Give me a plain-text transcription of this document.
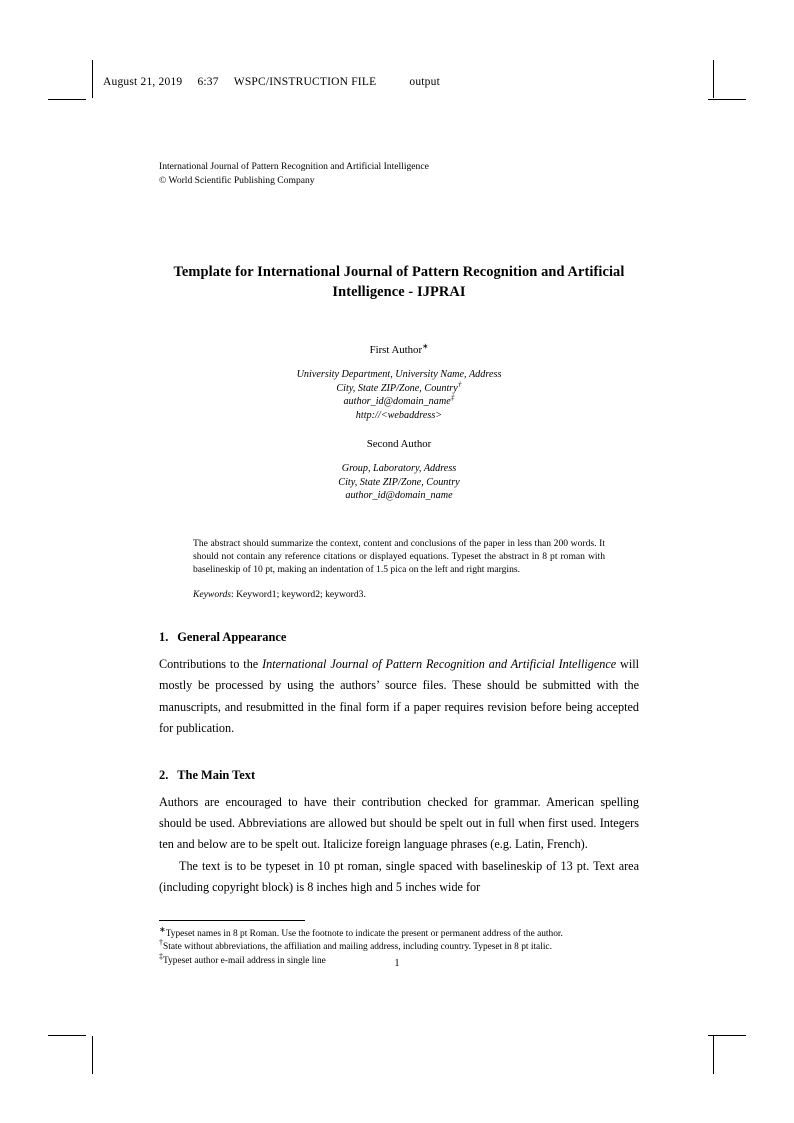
August 21, 2019 6:37 WSPC/INSTRUCTION FILE	output
International Journal of Pattern Recognition and Artificial Intelligence
© World Scientific Publishing Company
Template for International Journal of Pattern Recognition and Artificial Intelligence - IJPRAI
First Author∗
University Department, University Name, Address
City, State ZIP/Zone, Country†
author_id@domain_name‡
http://<webaddress>
Second Author
Group, Laboratory, Address
City, State ZIP/Zone, Country
author_id@domain_name
The abstract should summarize the context, content and conclusions of the paper in less than 200 words. It should not contain any reference citations or displayed equations. Typeset the abstract in 8 pt roman with baselineskip of 10 pt, making an indentation of 1.5 pica on the left and right margins.
Keywords: Keyword1; keyword2; keyword3.
1. General Appearance

Contributions to the International Journal of Pattern Recognition and Artificial Intelligence will mostly be processed by using the authors’ source files. These should be submitted with the manuscripts, and resubmitted in the final form if a paper requires revision before being accepted for publication.

2. The Main Text

Authors are encouraged to have their contribution checked for grammar. American spelling should be used. Abbreviations are allowed but should be spelt out in full when first used. Integers ten and below are to be spelt out. Italicize foreign language phrases (e.g. Latin, French).

The text is to be typeset in 10 pt roman, single spaced with baselineskip of 13 pt. Text area (including copyright block) is 8 inches high and 5 inches wide for

∗Typeset names in 8 pt Roman. Use the footnote to indicate the present or permanent address of the author.
†State without abbreviations, the affiliation and mailing address, including country. Typeset in 8 pt italic.
‡Typeset author e-mail address in single line	1
